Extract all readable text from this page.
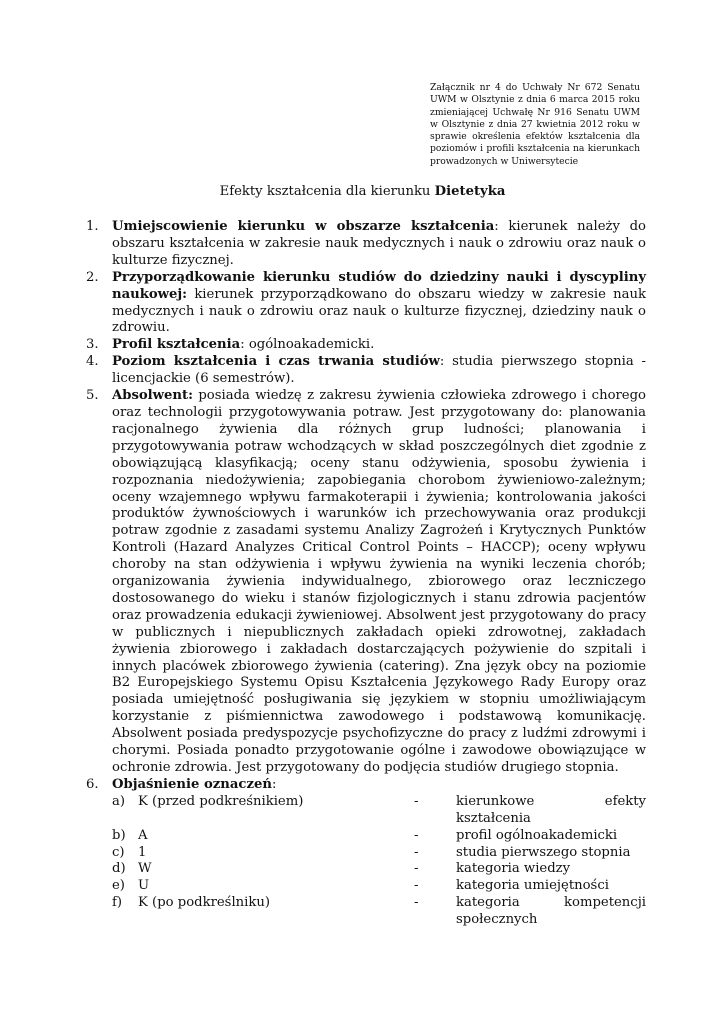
Załącznik nr 4 do Uchwały Nr 672 Senatu UWM w Olsztynie z dnia 6 marca 2015 roku zmieniającej Uchwałę Nr 916 Senatu UWM w Olsztynie z dnia 27 kwietnia 2012 roku w sprawie określenia efektów kształcenia dla poziomów i profili kształcenia na kierunkach prowadzonych w Uniwersytecie
Efekty kształcenia dla kierunku Dietetyka
1.	Umiejscowienie kierunku w obszarze kształcenia: kierunek należy do obszaru kształcenia w zakresie nauk medycznych i nauk o zdrowiu oraz nauk o kulturze fizycznej.
2.	Przyporządkowanie kierunku studiów do dziedziny nauki i dyscypliny naukowej: kierunek przyporządkowano do obszaru wiedzy w zakresie nauk medycznych i nauk o zdrowiu oraz nauk o kulturze fizycznej, dziedziny nauk o zdrowiu.
3.	Profil kształcenia: ogólnoakademicki.
4.	Poziom kształcenia i czas trwania studiów: studia pierwszego stopnia - licencjackie (6 semestrów).
5.	Absolwent: posiada wiedzę z zakresu żywienia człowieka zdrowego i chorego oraz technologii przygotowywania potraw. Jest przygotowany do: planowania racjonalnego żywienia dla różnych grup ludności; planowania i przygotowywania potraw wchodzących w skład poszczególnych diet zgodnie z obowiązującą klasyfikacją; oceny stanu odżywienia, sposobu żywienia i rozpoznania niedożywienia; zapobiegania chorobom żywieniowo-zależnym; oceny wzajemnego wpływu farmakoterapii i żywienia; kontrolowania jakości produktów żywnościowych i warunków ich przechowywania oraz produkcji potraw zgodnie z zasadami systemu Analizy Zagrożeń i Krytycznych Punktów Kontroli (Hazard Analyzes Critical Control Points – HACCP); oceny wpływu choroby na stan odżywienia i wpływu żywienia na wyniki leczenia chorób; organizowania żywienia indywidualnego, zbiorowego oraz leczniczego dostosowanego do wieku i stanów fizjologicznych i stanu zdrowia pacjentów oraz prowadzenia edukacji żywieniowej. Absolwent jest przygotowany do pracy w publicznych i niepublicznych zakładach opieki zdrowotnej, zakładach żywienia zbiorowego i zakładach dostarczających pożywienie do szpitali i innych placówek zbiorowego żywienia (catering). Zna język obcy na poziomie B2 Europejskiego Systemu Opisu Kształcenia Językowego Rady Europy oraz posiada umiejętność posługiwania się językiem w stopniu umożliwiającym korzystanie z piśmiennictwa zawodowego i podstawową komunikację. Absolwent posiada predyspozycje psychofizyczne do pracy z ludźmi zdrowymi i chorymi. Posiada ponadto przygotowanie ogólne i zawodowe obowiązujące w ochronie zdrowia. Jest przygotowany do podjęcia studiów drugiego stopnia.
6.	Objaśnienie oznaczeń:
a) K (przed podkreśnikiem)	-	kierunkowe efekty kształcenia
b) A	-	profil ogólnoakademicki
c)	1	-	studia pierwszego stopnia
d) W	-	kategoria wiedzy
e) U	-	kategoria umiejętności
f)	K (po podkreślniku)	-	kategoria kompetencji społecznych
